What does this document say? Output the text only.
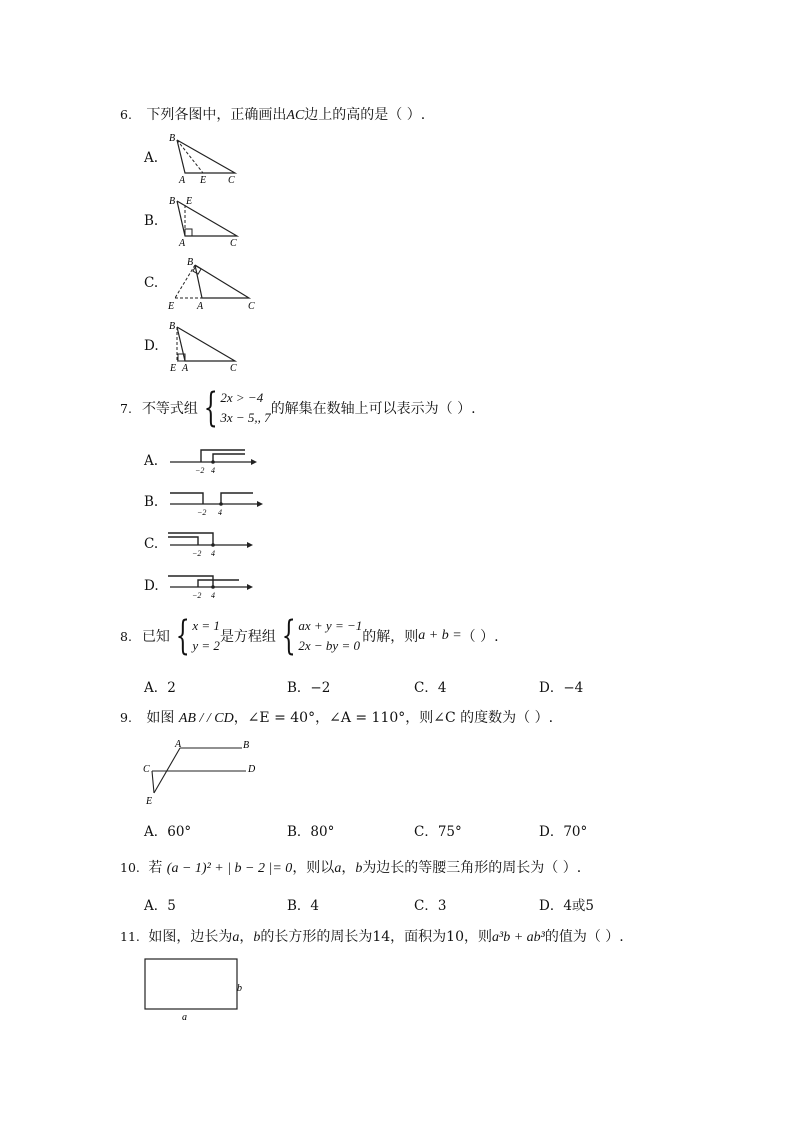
6. 下列各图中，正确画出AC边上的高的是（ ）.
A.
B
A E C
B.
B E
A	C
C.
B
E A	C
D.
B
E A	C
7. 不等式组 { 2x > −4
3x − 5,, 7
的解集在数轴上可以表示为（ ）.
A.
−2 4
B.
−2 4
C.
−2 4
D.
−2 4
8. 已知 { x = 1
y = 2
是方程组 { ax + y = −1
2x − by = 0
的解，则 a + b = （ ）.
A．2	B．−2	C．4	D．−4
9. 如图 AB / / CD，∠E = 40°，∠A = 110°，则∠C 的度数为（ ）.
A	B
C	D
E
A．60°	B．80°	C．75°	D．70°
10. 若 (a − 1)² + | b − 2 |= 0，则以a，b为边长的等腰三角形的周长为（ ）.
A．5	B．4	C．3	D．4或5
11. 如图，边长为a，b的长方形的周长为14，面积为10，则a³b + ab³的值为（ ）.
b
a
